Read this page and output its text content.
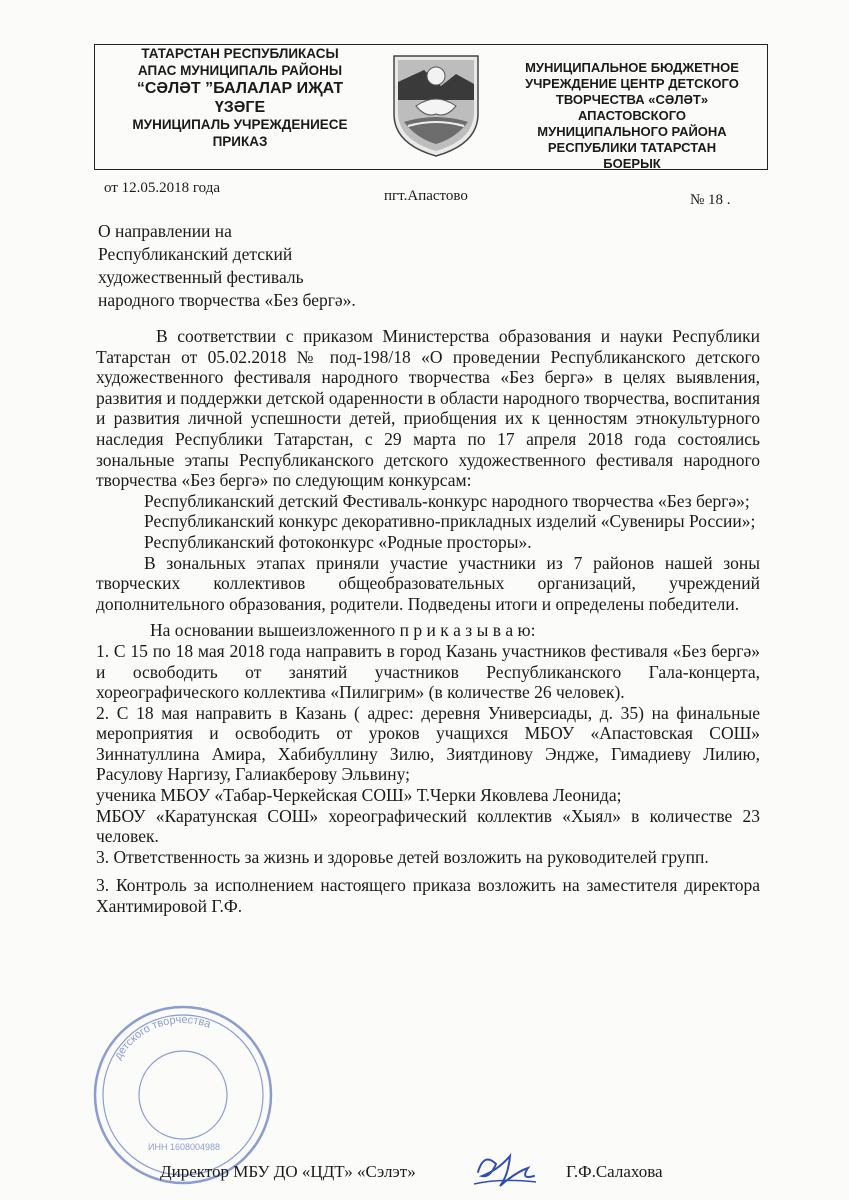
ТАТАРСТАН РЕСПУБЛИКАСЫ
АПАС МУНИЦИПАЛЬ РАЙОНЫ
“СӘЛӘТ ”БАЛАЛАР ИҖАТ
ҮЗӘГЕ
МУНИЦИПАЛЬ УЧРЕЖДЕНИЕСЕ
ПРИКАЗ
МУНИЦИПАЛЬНОЕ БЮДЖЕТНОЕ
УЧРЕЖДЕНИЕ ЦЕНТР ДЕТСКОГО
ТВОРЧЕСТВА «СӘЛӘТ»
АПАСТОВСКОГО
МУНИЦИПАЛЬНОГО РАЙОНА
РЕСПУБЛИКИ ТАТАРСТАН
БОЕРЫК
от 12.05.2018 года	пгт.Апастово	№ 18 .
О направлении на
Республиканский детский
художественный фестиваль
народного творчества «Без бергә».

В соответствии с приказом Министерства образования и науки Республики Татарстан от 05.02.2018 № под-198/18 «О проведении Республиканского детского художественного фестиваля народного творчества «Без бергә» в целях выявления, развития и поддержки детской одаренности в области народного творчества, воспитания и развития личной успешности детей, приобщения их к ценностям этнокультурного наследия Республики Татарстан, с 29 марта по 17 апреля 2018 года состоялись зональные этапы Республиканского детского художественного фестиваля народного творчества «Без бергә» по следующим конкурсам:

Республиканский детский Фестиваль-конкурс народного творчества «Без бергә»;

Республиканский конкурс декоративно-прикладных изделий «Сувениры России»;

Республиканский фотоконкурс «Родные просторы».

В зональных этапах приняли участие участники из 7 районов нашей зоны творческих коллективов общеобразовательных организаций, учреждений дополнительного образования, родители. Подведены итоги и определены победители.

На основании вышеизложенного п р и к а з ы в а ю:

1. С 15 по 18 мая 2018 года направить в город Казань участников фестиваля «Без бергә» и освободить от занятий участников Республиканского Гала-концерта, хореографического коллектива «Пилигрим» (в количестве 26 человек).

2. С 18 мая направить в Казань ( адрес: деревня Универсиады, д. 35) на финальные мероприятия и освободить от уроков учащихся МБОУ «Апастовская СОШ» Зиннатуллина Амира, Хабибуллину Зилю, Зиятдинову Эндже, Гимадиеву Лилию, Расулову Наргизу, Галиакберову Эльвину;

ученика МБОУ «Табар-Черкейская СОШ» Т.Черки Яковлева Леонида;

МБОУ «Каратунская СОШ» хореографический коллектив «Хыял» в количестве 23 человек.

3. Ответственность за жизнь и здоровье детей возложить на руководителей групп.

3. Контроль за исполнением настоящего приказа возложить на заместителя директора Хантимировой Г.Ф.

детского творчества
ИНН 1608004988
Директор МБУ ДО «ЦДТ» «Сэлэт»	Г.Ф.Салахова
